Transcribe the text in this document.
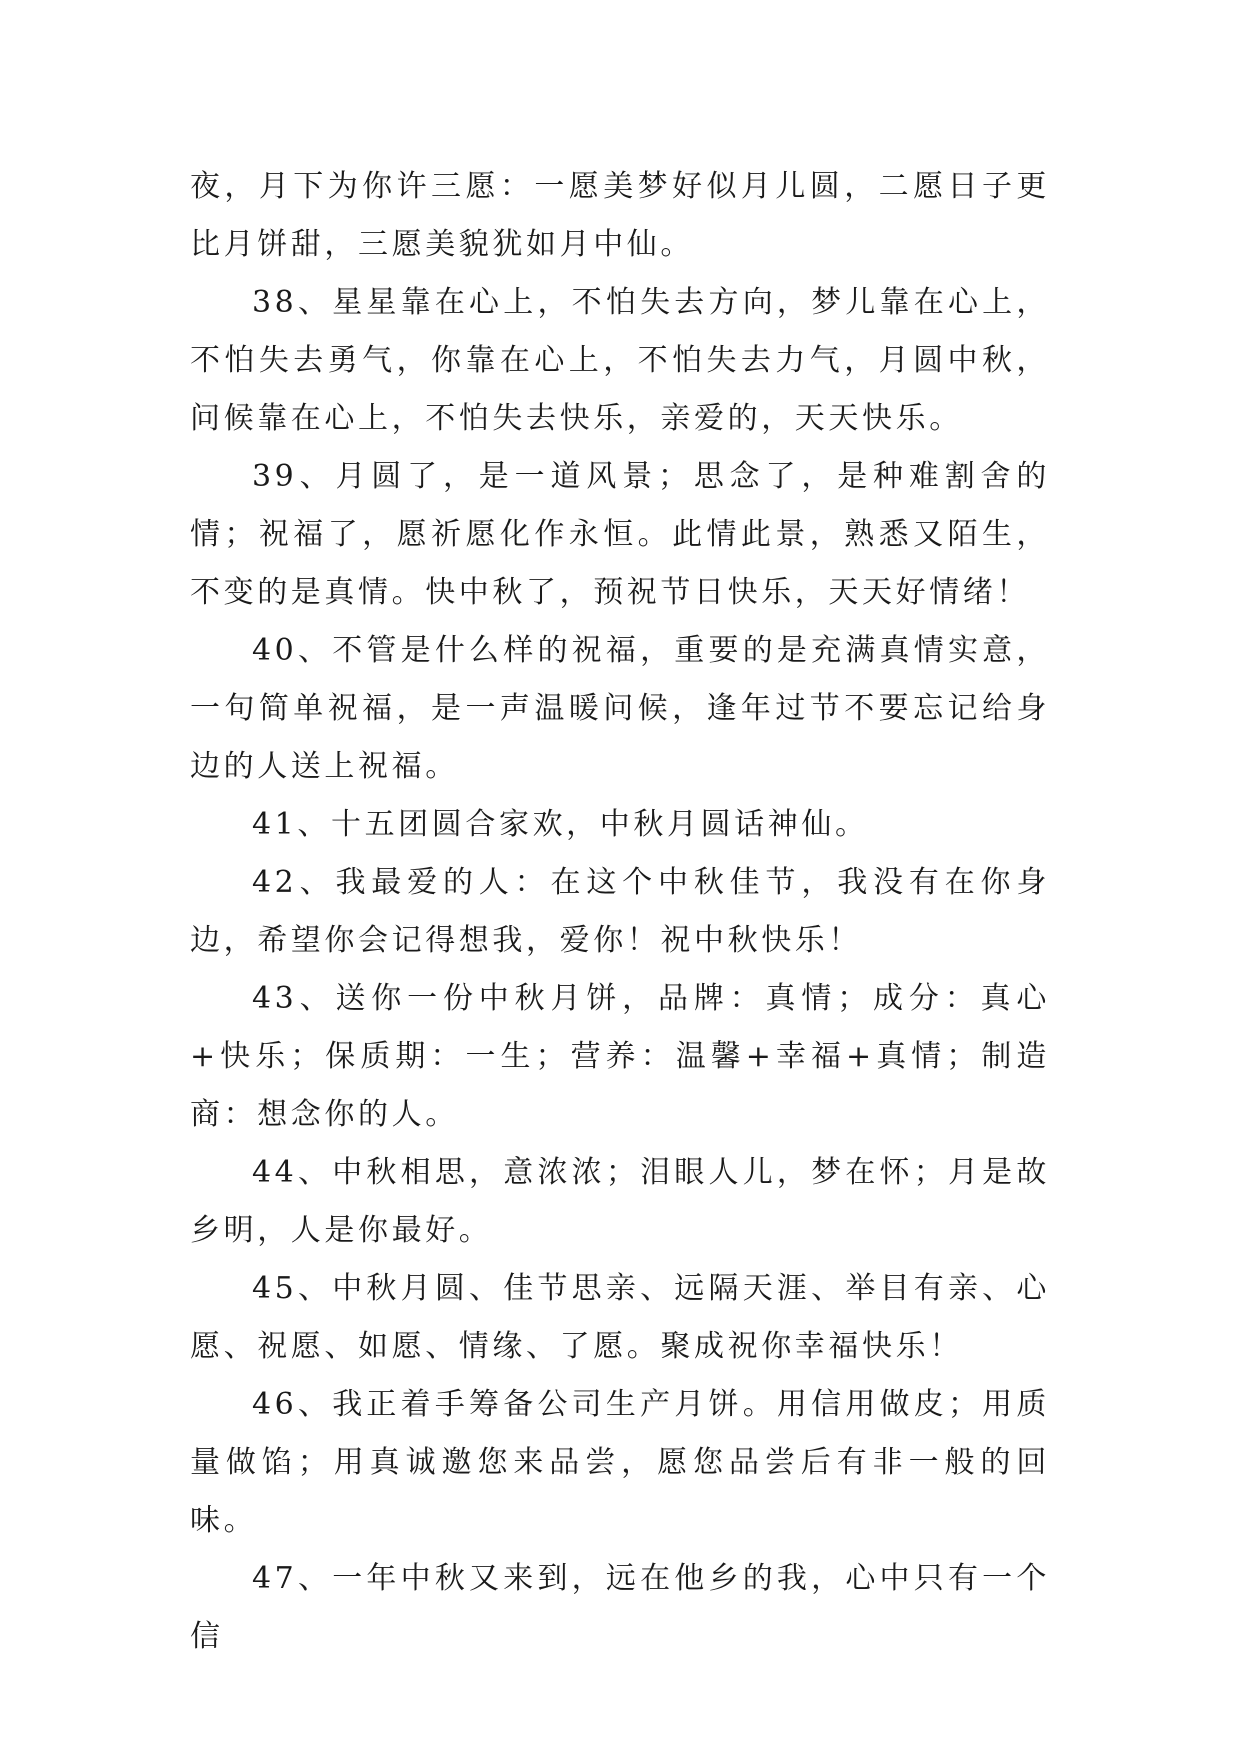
夜，月下为你许三愿：一愿美梦好似月儿圆，二愿日子更比月饼甜，三愿美貌犹如月中仙。

38、星星靠在心上，不怕失去方向，梦儿靠在心上，不怕失去勇气，你靠在心上，不怕失去力气，月圆中秋，问候靠在心上，不怕失去快乐，亲爱的，天天快乐。

39、月圆了，是一道风景；思念了，是种难割舍的情；祝福了，愿祈愿化作永恒。此情此景，熟悉又陌生，不变的是真情。快中秋了，预祝节日快乐，天天好情绪！

40、不管是什么样的祝福，重要的是充满真情实意，一句简单祝福，是一声温暖问候，逢年过节不要忘记给身边的人送上祝福。

41、十五团圆合家欢，中秋月圆话神仙。

42、我最爱的人：在这个中秋佳节，我没有在你身边，希望你会记得想我，爱你！祝中秋快乐！

43、送你一份中秋月饼，品牌：真情；成分：真心+快乐；保质期：一生；营养：温馨+幸福+真情；制造商：想念你的人。

44、中秋相思，意浓浓；泪眼人儿，梦在怀；月是故乡明，人是你最好。

45、中秋月圆、佳节思亲、远隔天涯、举目有亲、心愿、祝愿、如愿、情缘、了愿。聚成祝你幸福快乐！

46、我正着手筹备公司生产月饼。用信用做皮；用质量做馅；用真诚邀您来品尝，愿您品尝后有非一般的回味。

47、一年中秋又来到，远在他乡的我，心中只有一个信
